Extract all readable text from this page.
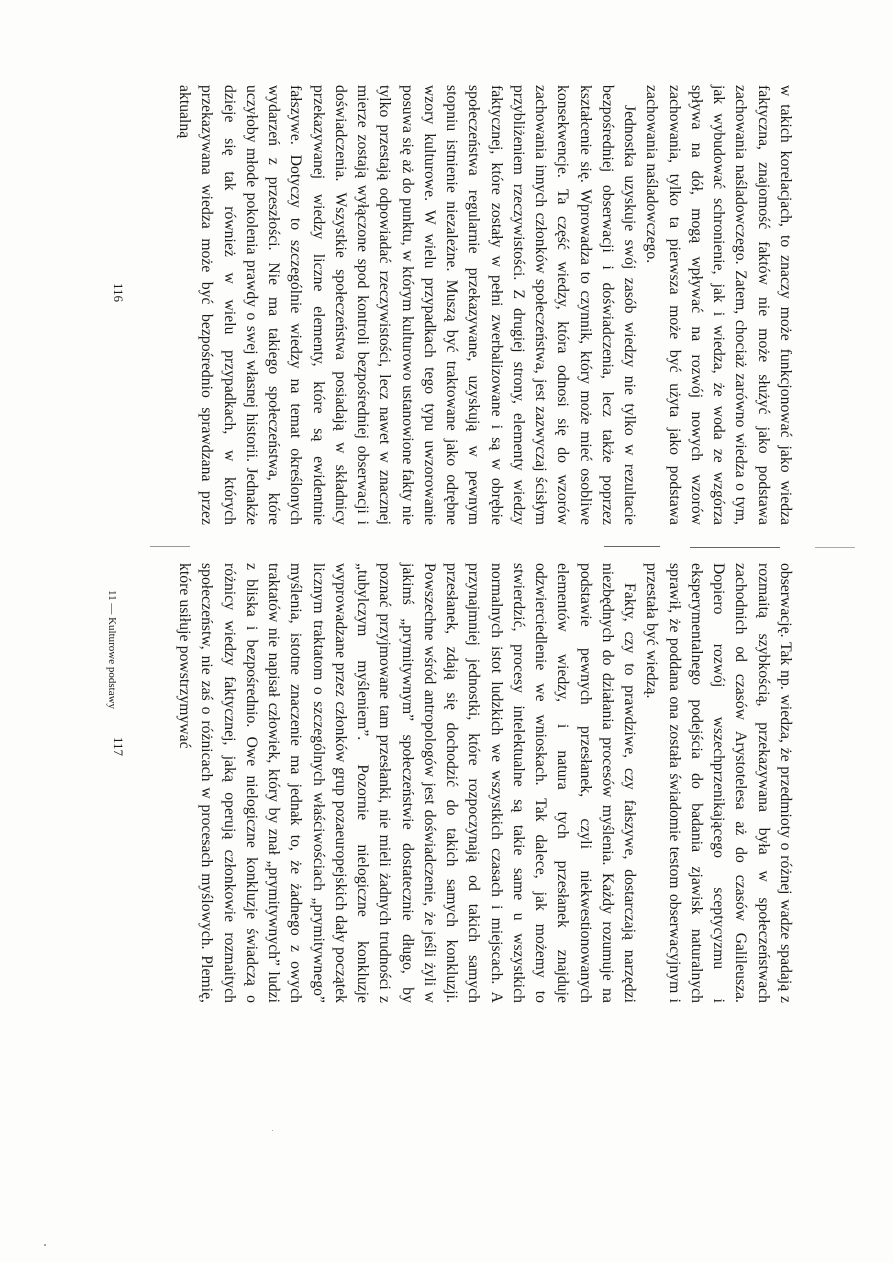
w takich korelacjach, to znaczy może funkcjonować jako wiedza faktyczna, znajomość faktów nie może służyć jako podstawa zachowania naśladowczego. Zatem, chociaż zarówno wiedza o tym, jak wybudować schronienie, jak i wiedza, że woda ze wzgórza spływa na dół, mogą wpływać na rozwój nowych wzorów zachowania, tylko ta pierwsza może być użyta jako podstawa zachowania naśladowczego.

Jednostka uzyskuje swój zasób wiedzy nie tylko w rezultacie bezpośredniej obserwacji i doświadczenia, lecz także poprzez kształcenie się. Wprowadza to czynnik, który może mieć osobliwe konsekwencje. Ta część wiedzy, która odnosi się do wzorów zachowania innych członków społeczeństwa, jest zazwyczaj ścisłym przybliżeniem rzeczywistości. Z drugiej strony, elementy wiedzy faktycznej, które zostały w pełni zwerbalizowane i są w obrębie społeczeństwa regularnie przekazywane, uzyskują w pewnym stopniu istnienie niezależne. Muszą być traktowane jako odrębne wzory kulturowe. W wielu przypadkach tego typu uwzorowanie posuwa się aż do punktu, w którym kulturowo ustanowione fakty nie tylko przestają odpowiadać rzeczywistości, lecz nawet w znacznej mierze zostają wyłączone spod kontroli bezpośredniej obserwacji i doświadczenia. Wszystkie społeczeństwa posiadają w składnicy przekazywanej wiedzy liczne elementy, które są ewidentnie fałszywe. Dotyczy to szczególnie wiedzy na temat określonych wydarzeń z przeszłości. Nie ma takiego społeczeństwa, które uczyłoby młode pokolenia prawdy o swej własnej historii. Jednakże dzieje się tak również w wielu przypadkach, w których przekazywana wiedza może być bezpośrednio sprawdzana przez aktualną

obserwację. Tak np. wiedza, że przedmioty o różnej wadze spadają z rozmaitą szybkością, przekazywana była w społeczeństwach zachodnich od czasów Arystotelesa aż do czasów Galileusza. Dopiero rozwój wszechprzenikającego sceptycyzmu i eksperymentalnego podejścia do badania zjawisk naturalnych sprawił, że poddana ona została świadomie testom obserwacyjnym i przestała być wiedzą.

Fakty, czy to prawdziwe, czy fałszywe, dostarczają narzędzi niezbędnych do działania procesów myślenia. Każdy rozumuje na podstawie pewnych przesłanek, czyli niekwestionowanych elementów wiedzy, i natura tych przesłanek znajduje odzwierciedlenie we wnioskach. Tak dalece, jak możemy to stwierdzić, procesy intelektualne są takie same u wszystkich normalnych istot ludzkich we wszystkich czasach i miejscach. A przynajmniej jednostki, które rozpoczynają od takich samych przesłanek, zdają się dochodzić do takich samych konkluzji. Powszechne wśród antropologów jest doświadczenie, że jeśli żyli w jakimś „prymitywnym” społeczeństwie dostatecznie długo, by poznać przyjmowane tam przesłanki, nie mieli żadnych trudności z „tubylczym myśleniem”. Pozornie nielogiczne konkluzje wyprowadzane przez członków grup pozaeuropejskich dały początek licznym traktatom o szczególnych właściwościach „prymitywnego” myślenia, istotne znaczenie ma jednak to, że żadnego z owych traktatów nie napisał człowiek, który by znał „prymitywnych” ludzi z bliska i bezpośrednio. Owe nielogiczne konkluzje świadczą o różnicy wiedzy faktycznej, jaką operują członkowie rozmaitych społeczeństw, nie zaś o różnicach w procesach myślowych. Plemię, które usiłuje powstrzymywać

116
11 — Kulturowe podstawy
117
